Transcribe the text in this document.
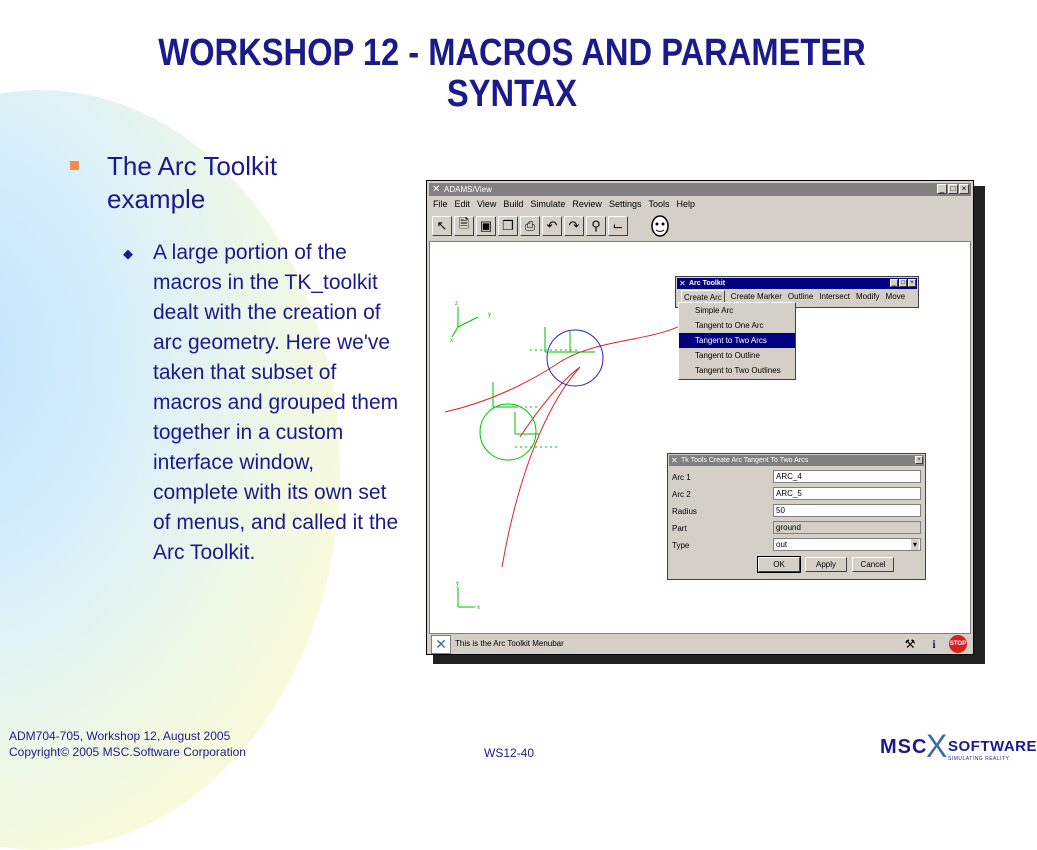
WORKSHOP 12 - MACROS AND PARAMETER
SYNTAX
The Arc Toolkit example
◆ A large portion of the macros in the TK_toolkit dealt with the creation of arc geometry. Here we've taken that subset of macros and grouped them together in a custom interface window, complete with its own set of menus, and called it the Arc Toolkit.
✕ ADAMS/View	_ □ ×
File Edit View Build Simulate Review Settings Tools Help
↖ 🗎 ▣ ❐ ⎙ ↶ ↷ ⚲ ⌙
z
y
x
y
x
✕	This is the Arc Toolkit Menubar	⚒	i	STOP
✕ Arc Toolkit	_ □ ×
Create Arc	Create Marker Outline Intersect Modify Move
Simple Arc
Tangent to One Arc
Tangent to Two Arcs
Tangent to Outline
Tangent to Two Outlines
✕ Tk Tools Create Arc Tangent To Two Arcs	×
Arc 1	ARC_4
Arc 2	ARC_5
Radius	50
Part	ground
Type	out ▾
OK	Apply	Cancel
ADM704-705, Workshop 12, August 2005
Copyright© 2005 MSC.Software Corporation	WS12-40	MSC
X SOFTWARE
SIMULATING REALITY
